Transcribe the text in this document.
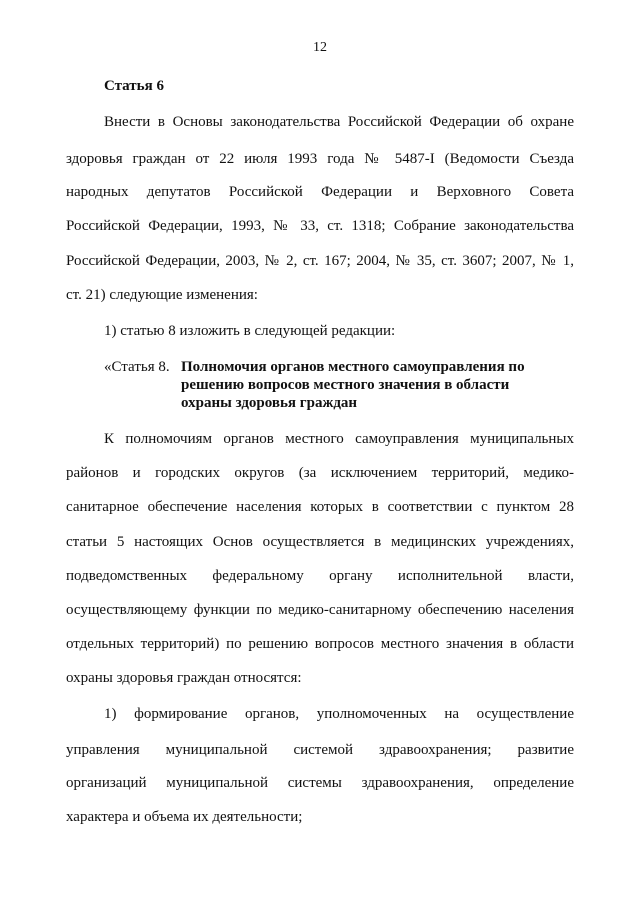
12
Статья 6
Внести в Основы законодательства Российской Федерации об охране
здоровья граждан от 22 июля 1993 года № 5487-I (Ведомости Съезда
народных депутатов Российской Федерации и Верховного Совета
Российской Федерации, 1993, № 33, ст. 1318; Собрание законодательства
Российской Федерации, 2003, № 2, ст. 167; 2004, № 35, ст. 3607; 2007, № 1,
ст. 21) следующие изменения:
1) статью 8 изложить в следующей редакции:
«Статья 8. Полномочия органов местного самоуправления по
решению вопросов местного значения в области
охраны здоровья граждан
К полномочиям органов местного самоуправления муниципальных
районов и городских округов (за исключением территорий, медико-
санитарное обеспечение населения которых в соответствии с пунктом 28
статьи 5 настоящих Основ осуществляется в медицинских учреждениях,
подведомственных федеральному органу исполнительной власти,
осуществляющему функции по медико-санитарному обеспечению населения
отдельных территорий) по решению вопросов местного значения в области
охраны здоровья граждан относятся:
1) формирование органов, уполномоченных на осуществление
управления муниципальной системой здравоохранения; развитие
организаций муниципальной системы здравоохранения, определение
характера и объема их деятельности;
